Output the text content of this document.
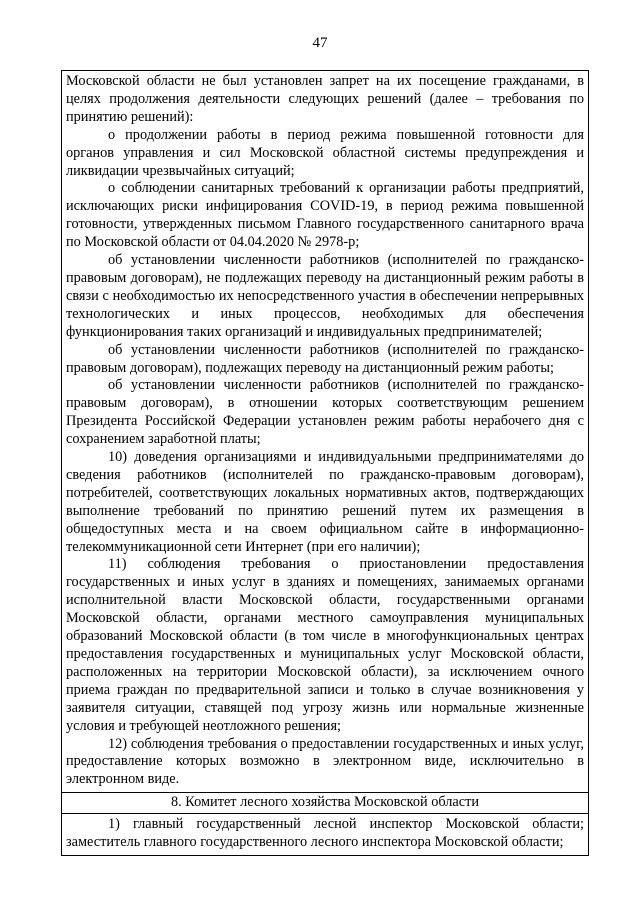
47

Московской области не был установлен запрет на их посещение гражданами, в целях продолжения деятельности следующих решений (далее – требования по принятию решений):

о продолжении работы в период режима повышенной готовности для органов управления и сил Московской областной системы предупреждения и ликвидации чрезвычайных ситуаций;

о соблюдении санитарных требований к организации работы предприятий, исключающих риски инфицирования COVID-19, в период режима повышенной готовности, утвержденных письмом Главного государственного санитарного врача по Московской области от 04.04.2020 № 2978-р;

об установлении численности работников (исполнителей по гражданско-правовым договорам), не подлежащих переводу на дистанционный режим работы в связи с необходимостью их непосредственного участия в обеспечении непрерывных технологических и иных процессов, необходимых для обеспечения функционирования таких организаций и индивидуальных предпринимателей;

об установлении численности работников (исполнителей по гражданско-правовым договорам), подлежащих переводу на дистанционный режим работы;

об установлении численности работников (исполнителей по гражданско-правовым договорам), в отношении которых соответствующим решением Президента Российской Федерации установлен режим работы нерабочего дня с сохранением заработной платы;

10) доведения организациями и индивидуальными предпринимателями до сведения работников (исполнителей по гражданско-правовым договорам), потребителей, соответствующих локальных нормативных актов, подтверждающих выполнение требований по принятию решений путем их размещения в общедоступных места и на своем официальном сайте в информационно-телекоммуникационной сети Интернет (при его наличии);

11) соблюдения требования о приостановлении предоставления государственных и иных услуг в зданиях и помещениях, занимаемых органами исполнительной власти Московской области, государственными органами Московской области, органами местного самоуправления муниципальных образований Московской области (в том числе в многофункциональных центрах предоставления государственных и муниципальных услуг Московской области, расположенных на территории Московской области), за исключением очного приема граждан по предварительной записи и только в случае возникновения у заявителя ситуации, ставящей под угрозу жизнь или нормальные жизненные условия и требующей неотложного решения;

12) соблюдения требования о предоставлении государственных и иных услуг, предоставление которых возможно в электронном виде, исключительно в электронном виде.

8. Комитет лесного хозяйства Московской области

1) главный государственный лесной инспектор Московской области; заместитель главного государственного лесного инспектора Московской области;
